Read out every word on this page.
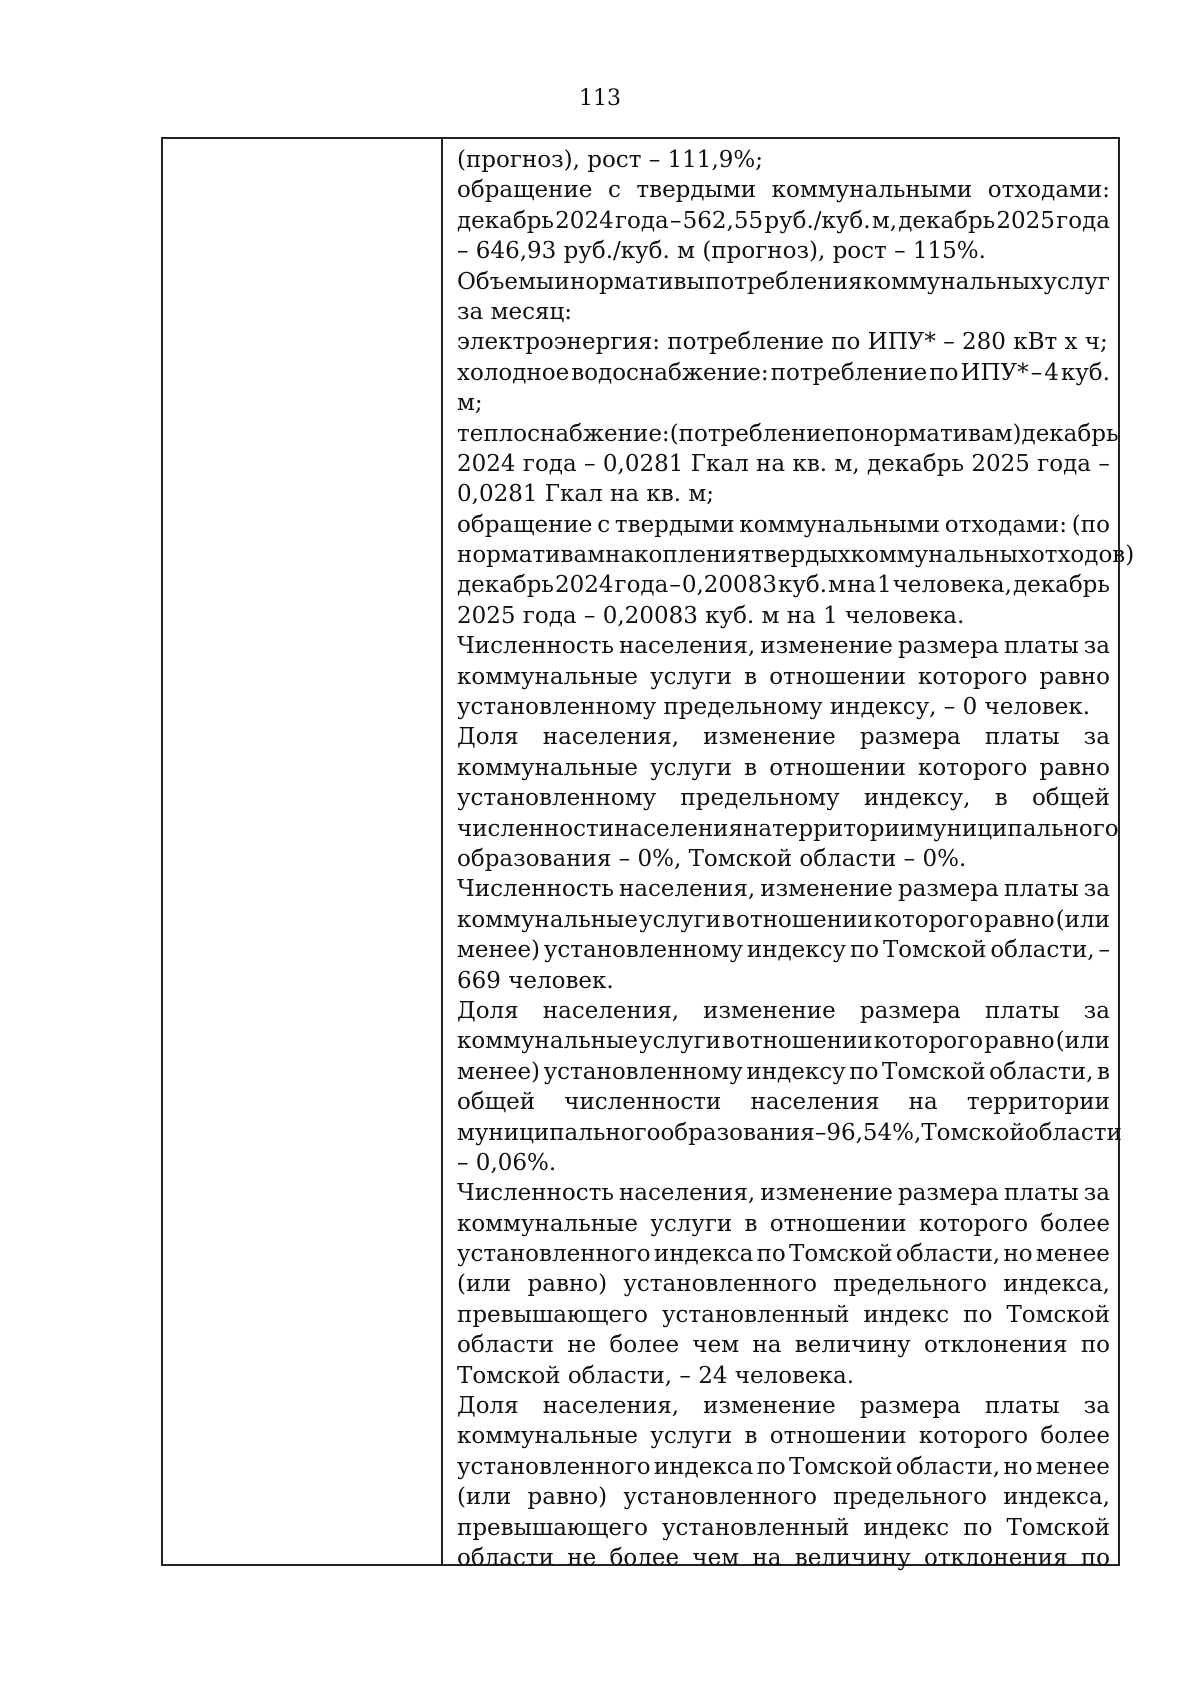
113
(прогноз), рост – 111,9%;
обращение с твердыми коммунальными отходами:
декабрь 2024 года – 562,55 руб./куб. м, декабрь 2025 года
– 646,93 руб./куб. м (прогноз), рост – 115%.
Объемы и нормативы потребления коммунальных услуг
за месяц:
электроэнергия: потребление по ИПУ* – 280 кВт х ч;
холодное водоснабжение: потребление по ИПУ* – 4 куб.
м;
теплоснабжение: (потребление по нормативам) декабрь
2024 года – 0,0281 Гкал на кв. м, декабрь 2025 года –
0,0281 Гкал на кв. м;
обращение с твердыми коммунальными отходами: (по
нормативам накопления твердых коммунальных отходов)
декабрь 2024 года – 0,20083 куб. м на 1 человека, декабрь
2025 года – 0,20083 куб. м на 1 человека.
Численность населения, изменение размера платы за
коммунальные услуги в отношении которого равно
установленному предельному индексу, – 0 человек.
Доля населения, изменение размера платы за
коммунальные услуги в отношении которого равно
установленному предельному индексу, в общей
численности населения на территории муниципального
образования – 0%, Томской области – 0%.
Численность населения, изменение размера платы за
коммунальные услуги в отношении которого равно (или
менее) установленному индексу по Томской области, –
669 человек.
Доля населения, изменение размера платы за
коммунальные услуги в отношении которого равно (или
менее) установленному индексу по Томской области, в
общей численности населения на территории
муниципального образования – 96,54%, Томской области
– 0,06%.
Численность населения, изменение размера платы за
коммунальные услуги в отношении которого более
установленного индекса по Томской области, но менее
(или равно) установленного предельного индекса,
превышающего установленный индекс по Томской
области не более чем на величину отклонения по
Томской области, – 24 человека.
Доля населения, изменение размера платы за
коммунальные услуги в отношении которого более
установленного индекса по Томской области, но менее
(или равно) установленного предельного индекса,
превышающего установленный индекс по Томской
области не более чем на величину отклонения по
